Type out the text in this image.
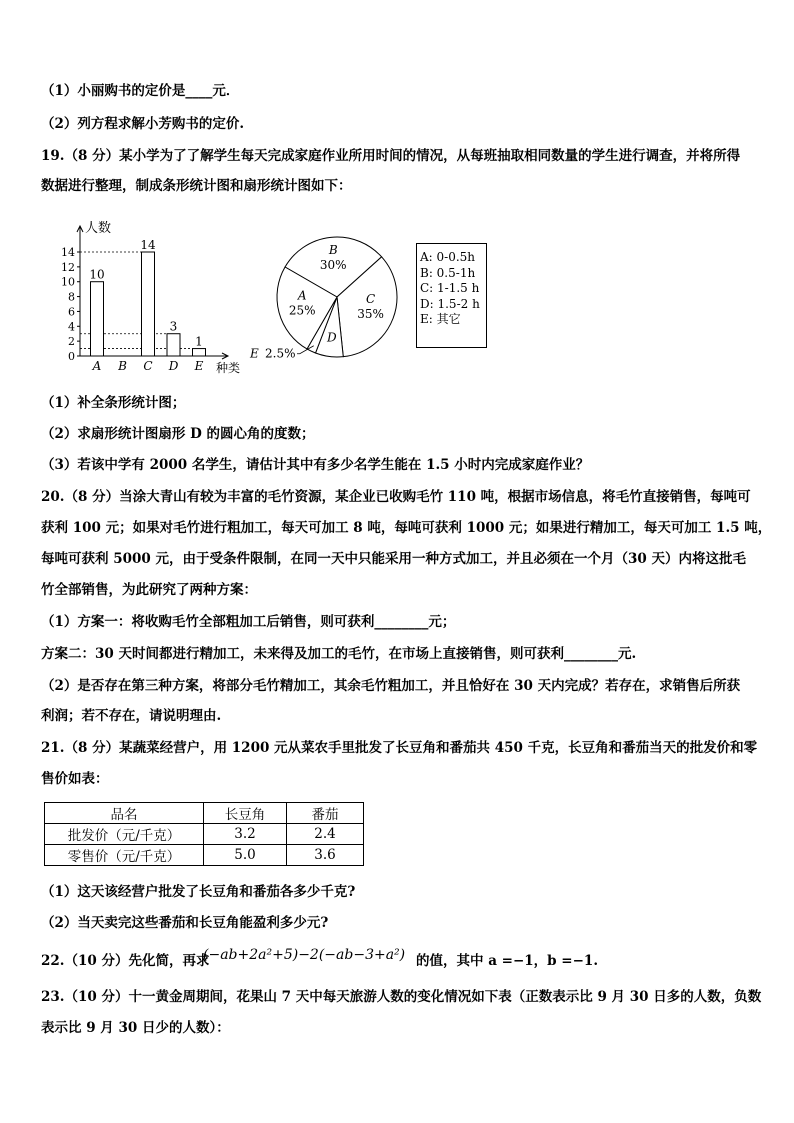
（1）小丽购书的定价是____元．
（2）列方程求解小芳购书的定价.
19.（8 分）某小学为了了解学生每天完成家庭作业所用时间的情况，从每班抽取相同数量的学生进行调查，并将所得
数据进行整理，制成条形统计图和扇形统计图如下：
0
2
4
6
8
10
12
14
10
14
3
1
A B C D E
人数
种类
A
25%
B
30%
C
35%
D
E 2.5%
A: 0-0.5h
B: 0.5-1h
C: 1-1.5 h
D: 1.5-2 h
E: 其它
（1）补全条形统计图；
（2）求扇形统计图扇形 D 的圆心角的度数；
（3）若该中学有 2000 名学生，请估计其中有多少名学生能在 1.5 小时内完成家庭作业？
20.（8 分）当涂大青山有较为丰富的毛竹资源，某企业已收购毛竹 110 吨，根据市场信息，将毛竹直接销售，每吨可
获利 100 元；如果对毛竹进行粗加工，每天可加工 8 吨，每吨可获利 1000 元；如果进行精加工，每天可加工 1.5 吨，
每吨可获利 5000 元，由于受条件限制，在同一天中只能采用一种方式加工，并且必须在一个月（30 天）内将这批毛
竹全部销售，为此研究了两种方案：
（1）方案一：将收购毛竹全部粗加工后销售，则可获利________元；
方案二：30 天时间都进行精加工，未来得及加工的毛竹，在市场上直接销售，则可获利________元.
（2）是否存在第三种方案，将部分毛竹精加工，其余毛竹粗加工，并且恰好在 30 天内完成？若存在，求销售后所获
利润；若不存在，请说明理由.
21.（8 分）某蔬菜经营户，用 1200 元从菜农手里批发了长豆角和番茄共 450 千克，长豆角和番茄当天的批发价和零
售价如表：
品名	长豆角	番茄
批发价（元/千克）	3.2	2.4
零售价（元/千克）	5.0	3.6
（1）这天该经营户批发了长豆角和番茄各多少千克?
（2）当天卖完这些番茄和长豆角能盈利多少元?
22.（10 分）先化简，再求
(−ab+2a²+5)−2(−ab−3+a²) 的值，其中 a =−1，b =−1.
23.（10 分）十一黄金周期间，花果山 7 天中每天旅游人数的变化情况如下表（正数表示比 9 月 30 日多的人数，负数
表示比 9 月 30 日少的人数）：
